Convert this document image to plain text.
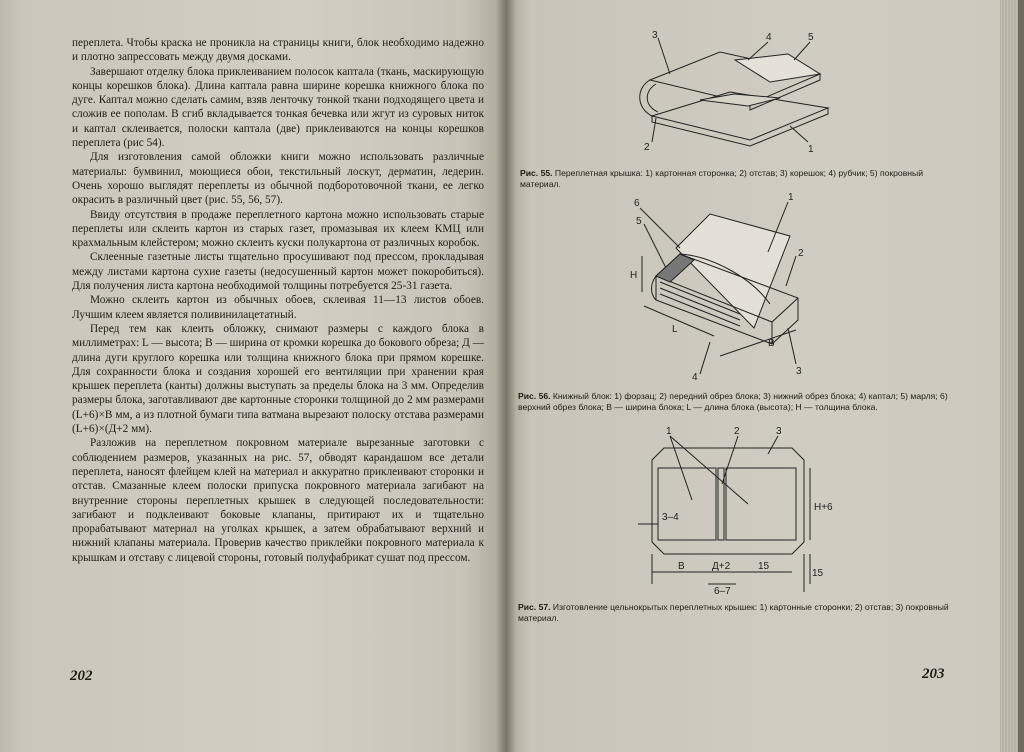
переплета. Чтобы краска не проникла на страницы книги, блок необходимо надежно и плотно запрессовать между двумя досками.

Завершают отделку блока приклеиванием полосок каптала (ткань, маскирующую концы корешков блока). Длина каптала равна ширине корешка книжного блока по дуге. Каптал можно сделать самим, взяв ленточку тонкой ткани подходящего цвета и сложив ее пополам. В сгиб вкладывается тонкая бечевка или жгут из суровых ниток и каптал склеивается, полоски каптала (две) приклеиваются на концы корешков переплета (рис 54).

Для изготовления самой обложки книги можно использовать различные материалы: бумвинил, моющиеся обои, текстильный лоскут, дерматин, ледерин. Очень хорошо выглядят переплеты из обычной подборотовочной ткани, ее легко окрасить в различный цвет (рис. 55, 56, 57).

Ввиду отсутствия в продаже переплетного картона можно использовать старые переплеты или склеить картон из старых газет, промазывая их клеем КМЦ или крахмальным клейстером; можно склеить куски полукартона от различных коробок.

Склеенные газетные листы тщательно просушивают под прессом, прокладывая между листами картона сухие газеты (недосушенный картон может покоробиться). Для получения листа картона необходимой толщины потребуется 25-31 газета.

Можно склеить картон из обычных обоев, склеивая 11—13 листов обоев. Лучшим клеем является поливинилацетатный.

Перед тем как клеить обложку, снимают размеры с каждого блока в миллиметрах: L — высота; В — ширина от кромки корешка до бокового обреза; Д — длина дуги круглого корешка или толщина книжного блока при прямом корешке. Для сохранности блока и создания хорошей его вентиляции при хранении края крышек переплета (канты) должны выступать за пределы блока на 3 мм. Определив размеры блока, заготавливают две картонные сторонки толщиной до 2 мм размерами (L+6)×В мм, а из плотной бумаги типа ватмана вырезают полоску отстава размерами (L+6)×(Д+2 мм).

Разложив на переплетном покровном материале вырезанные заготовки с соблюдением размеров, указанных на рис. 57, обводят карандашом все детали переплета, наносят флейцем клей на материал и аккуратно приклеивают сторонки и отстав. Смазанные клеем полоски припуска покровного материала загибают на внутренние стороны переплетных крышек в следующей последовательности: загибают и подклеивают боковые клапаны, притирают их и тщательно прорабатывают материал на уголках крышек, а затем обрабатывают верхний и нижний клапаны материала. Проверив качество приклейки покровного материала к крышкам и отставу с лицевой стороны, готовый полуфабрикат сушат под прессом.

202
3	4	5
2	1
Рис. 55. Переплетная крышка: 1) картонная сторонка; 2) отстав; 3) корешок; 4) рубчик; 5) покровный материал.
6
5
1
2
Н
L
В
4
3
Рис. 56. Книжный блок: 1) форзац; 2) передний обрез блока; 3) нижний обрез блока; 4) каптал; 5) марля; 6) верхний обрез блока; В — ширина блока; L — длина блока (высота); Н — толщина блока.
1	2	3
3–4
Н+6
В	Д+2	15
6–7
15
Рис. 57. Изготовление цельнокрытых переплетных крышек: 1) картонные сторонки; 2) отстав; 3) покровный материал.
203
